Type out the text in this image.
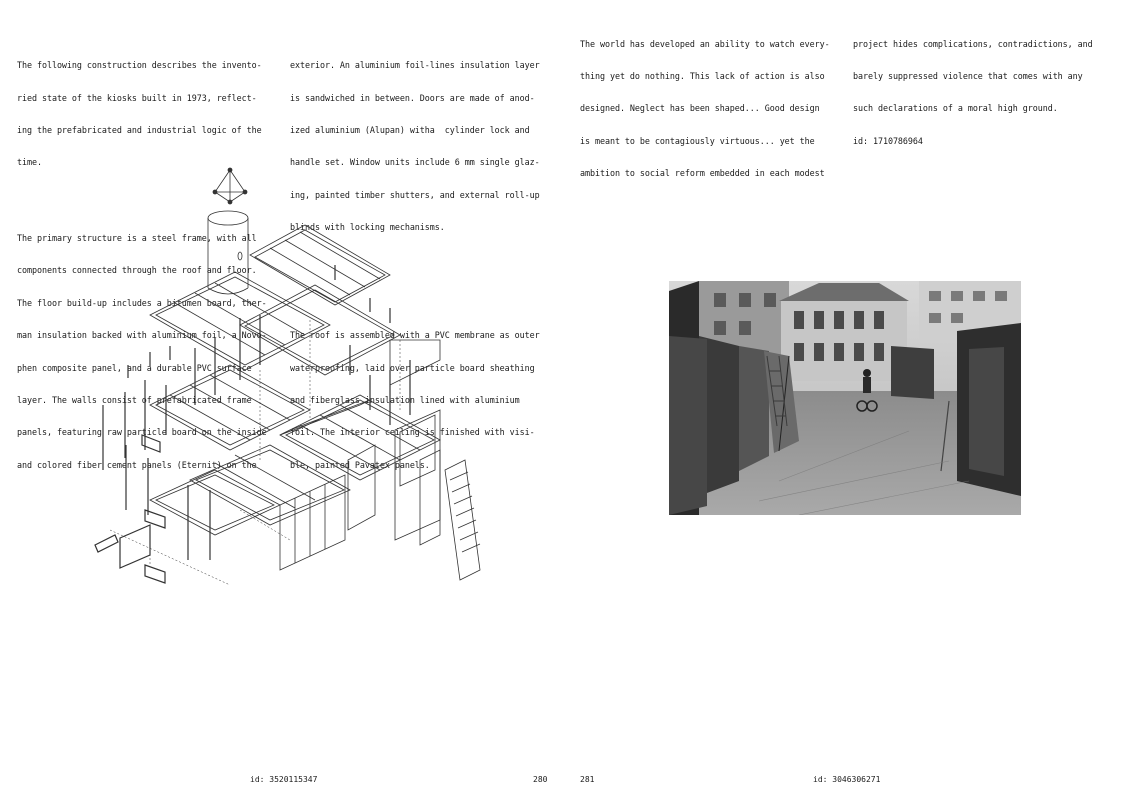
The following construction describes the invento-

ried state of the kiosks built in 1973, reflect-

ing the prefabricated and industrial logic of the

time.

The primary structure is a steel frame, with all

components connected through the roof and floor.

The floor build-up includes a bitumen board, ther-

man insulation backed with aluminium foil, a Novo-

phen composite panel, and a durable PVC surface

layer. The walls consist of prefabricated frame

panels, featuring raw particle board on the inside

and colored fiber cement panels (Eternit) on the

exterior. An aluminium foil-lines insulation layer

is sandwiched in between. Doors are made of anod-

ized aluminium (Alupan) witha  cylinder lock and

handle set. Window units include 6 mm single glaz-

ing, painted timber shutters, and external roll-up

blinds with locking mechanisms.

The roof is assembled with a PVC membrane as outer

waterproofing, laid over particle board sheathing

and fiberglass insulation lined with aluminium

foil. The interior ceiling is finished with visi-

ble, painted Pavatex panels.

The world has developed an ability to watch every-

thing yet do nothing. This lack of action is also

designed. Neglect has been shaped... Good design

is meant to be contagiously virtuous... yet the

ambition to social reform embedded in each modest

project hides complications, contradictions, and

barely suppressed violence that comes with any

such declarations of a moral high ground.

id: 1710786964

id: 3520115347	280	281	id: 3046306271
